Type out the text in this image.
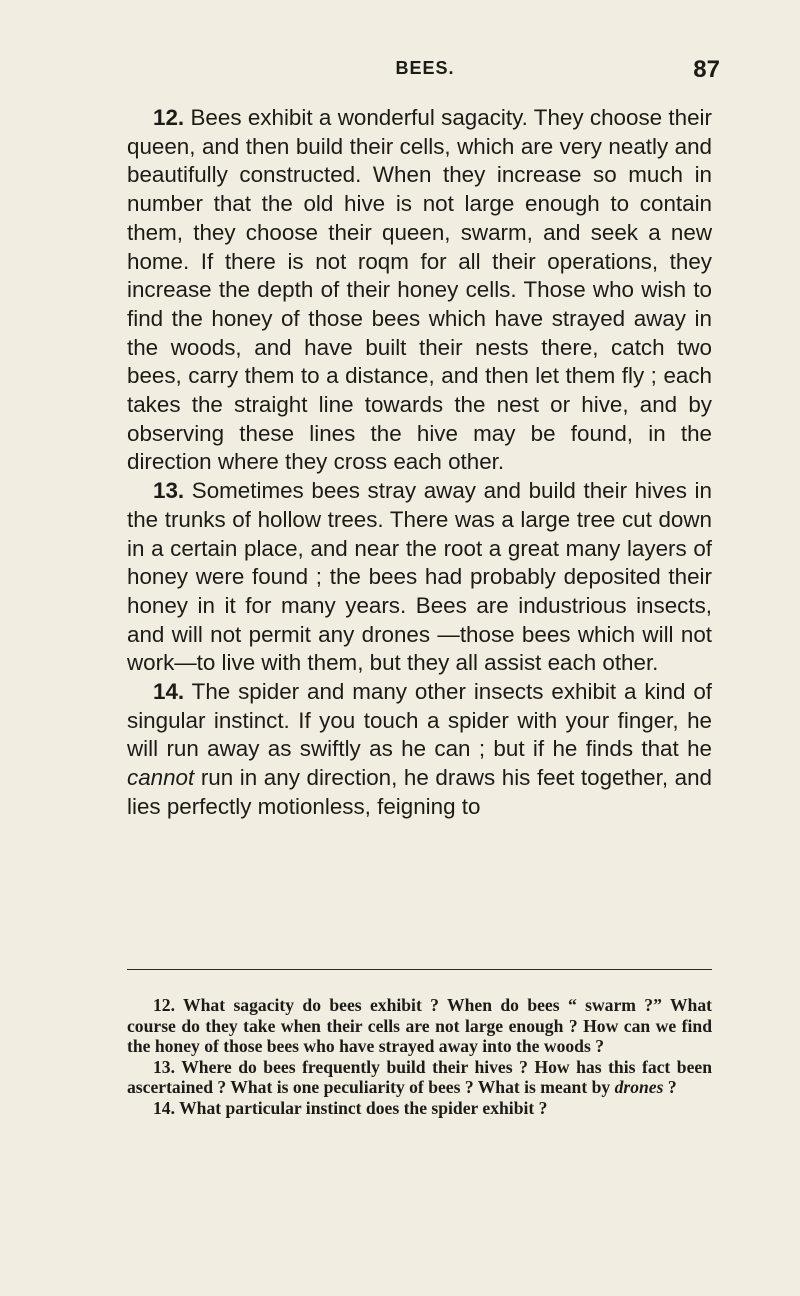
BEES.	87

12. Bees exhibit a wonderful sagacity. They choose their queen, and then build their cells, which are very neatly and beautifully constructed. When they increase so much in number that the old hive is not large enough to contain them, they choose their queen, swarm, and seek a new home. If there is not roqm for all their operations, they increase the depth of their honey cells. Those who wish to find the honey of those bees which have strayed away in the woods, and have built their nests there, catch two bees, carry them to a distance, and then let them fly ; each takes the straight line towards the nest or hive, and by observing these lines the hive may be found, in the direction where they cross each other.

13. Sometimes bees stray away and build their hives in the trunks of hollow trees. There was a large tree cut down in a certain place, and near the root a great many layers of honey were found ; the bees had probably deposited their honey in it for many years. Bees are industrious insects, and will not permit any drones —those bees which will not work—to live with them, but they all assist each other.

14. The spider and many other insects exhibit a kind of singular instinct. If you touch a spider with your finger, he will run away as swiftly as he can ; but if he finds that he cannot run in any direction, he draws his feet together, and lies perfectly motionless, feigning to

12. What sagacity do bees exhibit ? When do bees “ swarm ?” What course do they take when their cells are not large enough ? How can we find the honey of those bees who have strayed away into the woods ?

13. Where do bees frequently build their hives ? How has this fact been ascertained ? What is one peculiarity of bees ? What is meant by drones ?

14. What particular instinct does the spider exhibit ?
